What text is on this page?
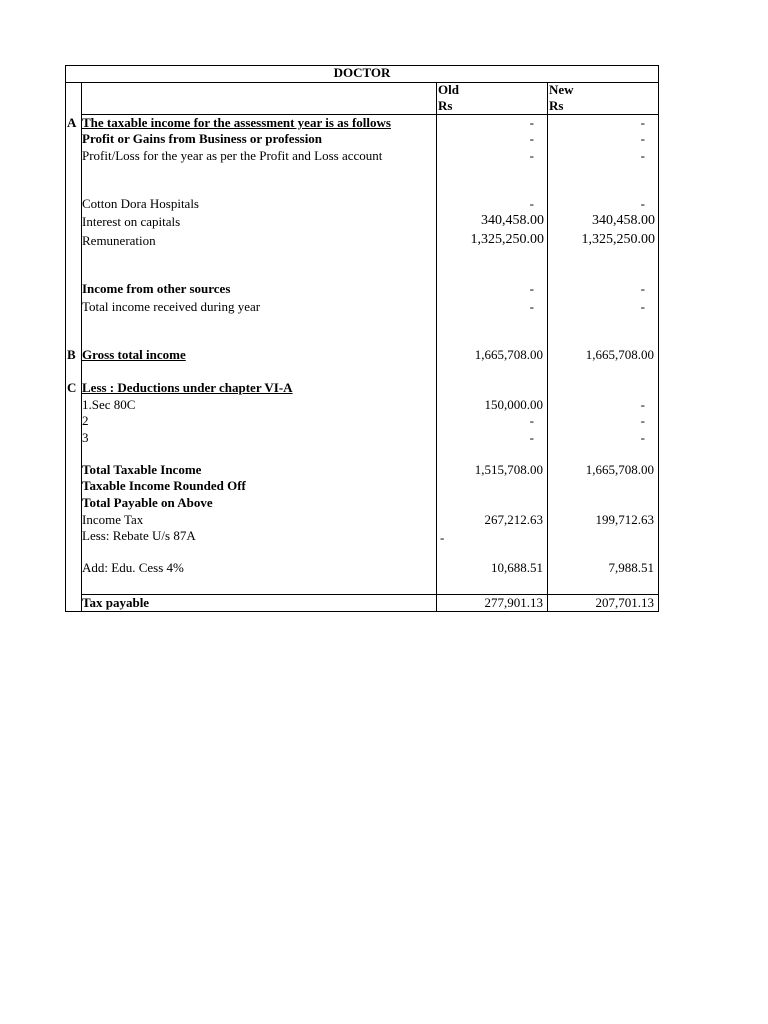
DOCTOR
Old
Rs
New
Rs
A The taxable income for the assessment year is as follows	-	-
Profit or Gains from Business or profession	-	-
Profit/Loss for the year as per the Profit and Loss account	-	-
Cotton Dora Hospitals	-	-
Interest on capitals	340,458.00	340,458.00
Remuneration	1,325,250.00	1,325,250.00
Income from other sources	-	-
Total income received during year	-	-
B Gross total income	1,665,708.00	1,665,708.00
C Less : Deductions under chapter VI-A
1.Sec 80C	150,000.00	-
2	-	-
3	-	-
Total Taxable Income	1,515,708.00	1,665,708.00
Taxable Income Rounded Off
Total Payable on Above
Income Tax	267,212.63	199,712.63
Less: Rebate U/s 87A	-
Add: Edu. Cess 4%	10,688.51	7,988.51
Tax payable	277,901.13	207,701.13
